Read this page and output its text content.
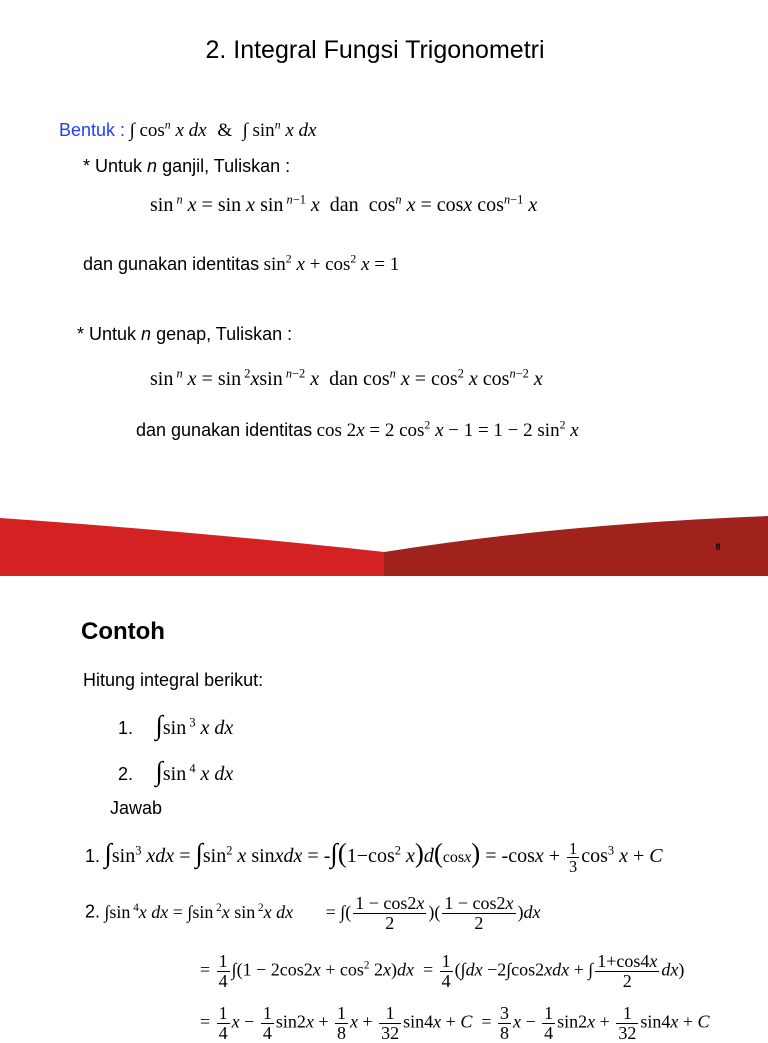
2. Integral Fungsi Trigonometri
Bentuk : ∫ $\cos^n x$ dx & ∫ $\sin^n x$ dx
* Untuk n ganjil, Tuliskan :
sin $^n$ x = sin x sin $^{n-1}$ x dan  $\cos^n x = \cos x$ $\cos^{n-1} x$
dan gunakan identitas $\sin^2 x + \cos^2 x = 1$
* Untuk n genap, Tuliskan :
sin $^n$ x = sin $^2$xsin $^{n-2}$ x dan $\cos^n x = \cos^2 x$ $\cos^{n-2} x$
dan gunakan identitas cos 2x = 2 $\cos^2 x - 1 = 1 - 2$ $\sin^2 x$
8
Contoh
Hitung integral berikut:
1. ∫sin $^3$ x dx
2. ∫sin $^4$ x dx
Jawab
1. $\int\sin^3$ xdx = $\int\sin^2$ x sinxdx = $-\int(1-\cos^2$ $x)d(\cos x) = -\cos x + \frac{1}{3} \cos^3 x + C$
2. ∫sin $^4$x dx = ∫sin $^2$x sin $^2$x dx = ∫( $\frac{1 - \cos 2x}{2}$ )( $\frac{1 - \cos 2x}{2} )dx$
= $\frac{1}{4} \int(1 - 2\cos 2x + \cos^2 2x)dx = \frac{1}{4} (\int dx -2\int\cos 2xdx$ + ∫ $\frac{1+\cos 4x}{2} dx$)
= $\frac{1}{4}$ $x - \frac{1}{4} \sin 2x + \frac{1}{8}$ $x + \frac{1}{32} \sin 4x + C = \frac{3}{8}$ $x - \frac{1}{4} \sin 2x + \frac{1}{32} \sin 4x + C$
